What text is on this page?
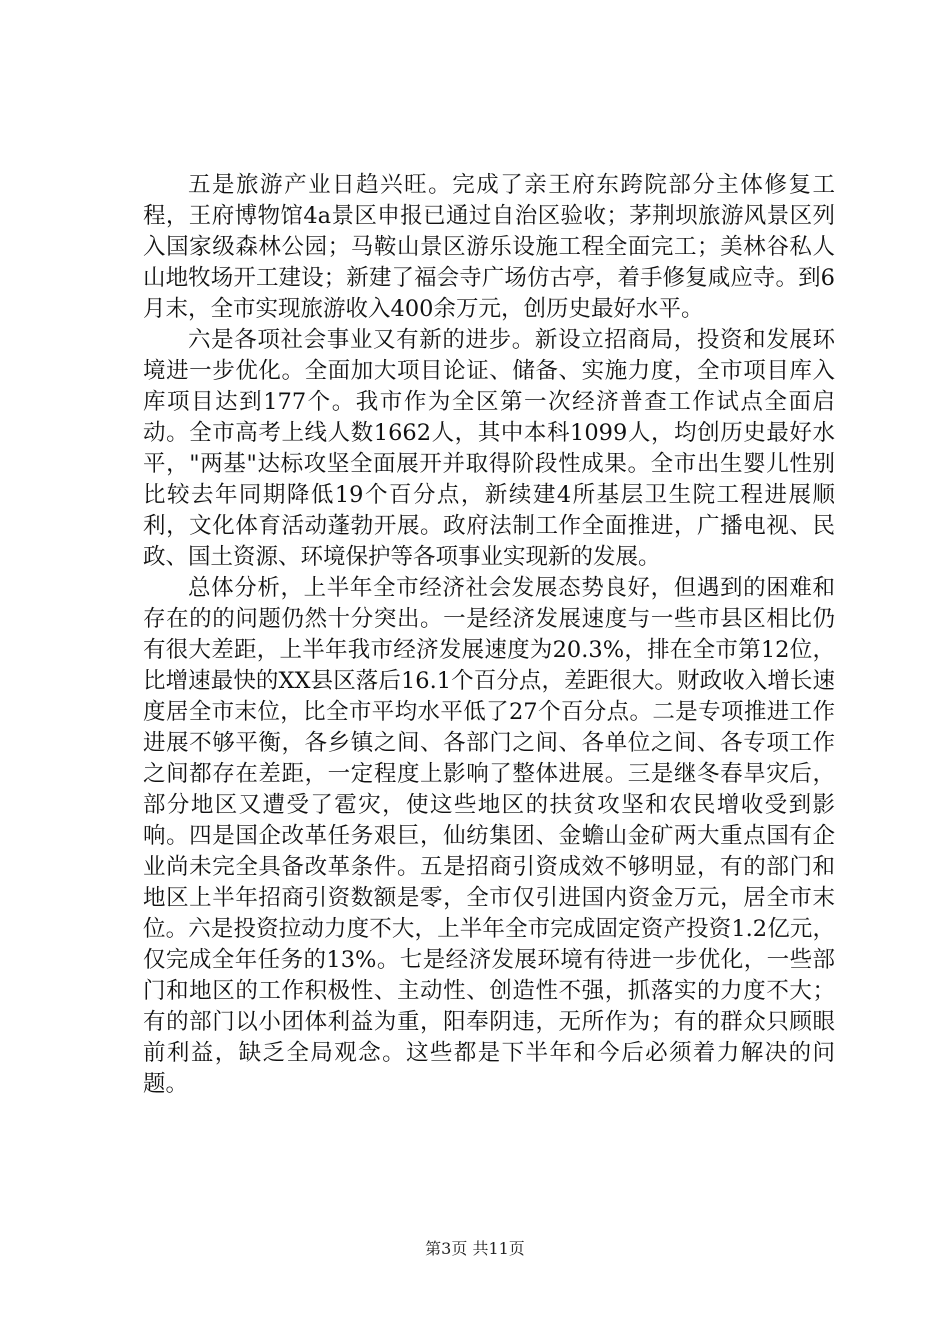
五是旅游产业日趋兴旺。完成了亲王府东跨院部分主体修复工程，王府博物馆4a景区申报已通过自治区验收；茅荆坝旅游风景区列入国家级森林公园；马鞍山景区游乐设施工程全面完工；美林谷私人山地牧场开工建设；新建了福会寺广场仿古亭，着手修复咸应寺。到6月末，全市实现旅游收入400余万元，创历史最好水平。

六是各项社会事业又有新的进步。新设立招商局，投资和发展环境进一步优化。全面加大项目论证、储备、实施力度，全市项目库入库项目达到177个。我市作为全区第一次经济普查工作试点全面启动。全市高考上线人数1662人，其中本科1099人，均创历史最好水平，"两基"达标攻坚全面展开并取得阶段性成果。全市出生婴儿性别比较去年同期降低19个百分点，新续建4所基层卫生院工程进展顺利，文化体育活动蓬勃开展。政府法制工作全面推进，广播电视、民政、国土资源、环境保护等各项事业实现新的发展。

总体分析，上半年全市经济社会发展态势良好，但遇到的困难和存在的的问题仍然十分突出。一是经济发展速度与一些市县区相比仍有很大差距，上半年我市经济发展速度为20.3%，排在全市第12位，比增速最快的XX县区落后16.1个百分点，差距很大。财政收入增长速度居全市末位，比全市平均水平低了27个百分点。二是专项推进工作进展不够平衡，各乡镇之间、各部门之间、各单位之间、各专项工作之间都存在差距，一定程度上影响了整体进展。三是继冬春旱灾后，部分地区又遭受了雹灾，使这些地区的扶贫攻坚和农民增收受到影响。四是国企改革任务艰巨，仙纺集团、金蟾山金矿两大重点国有企业尚未完全具备改革条件。五是招商引资成效不够明显，有的部门和地区上半年招商引资数额是零，全市仅引进国内资金万元，居全市末位。六是投资拉动力度不大，上半年全市完成固定资产投资1.2亿元，仅完成全年任务的13%。七是经济发展环境有待进一步优化，一些部门和地区的工作积极性、主动性、创造性不强，抓落实的力度不大；有的部门以小团体利益为重，阳奉阴违，无所作为；有的群众只顾眼前利益，缺乏全局观念。这些都是下半年和今后必须着力解决的问题。

第3页 共11页
